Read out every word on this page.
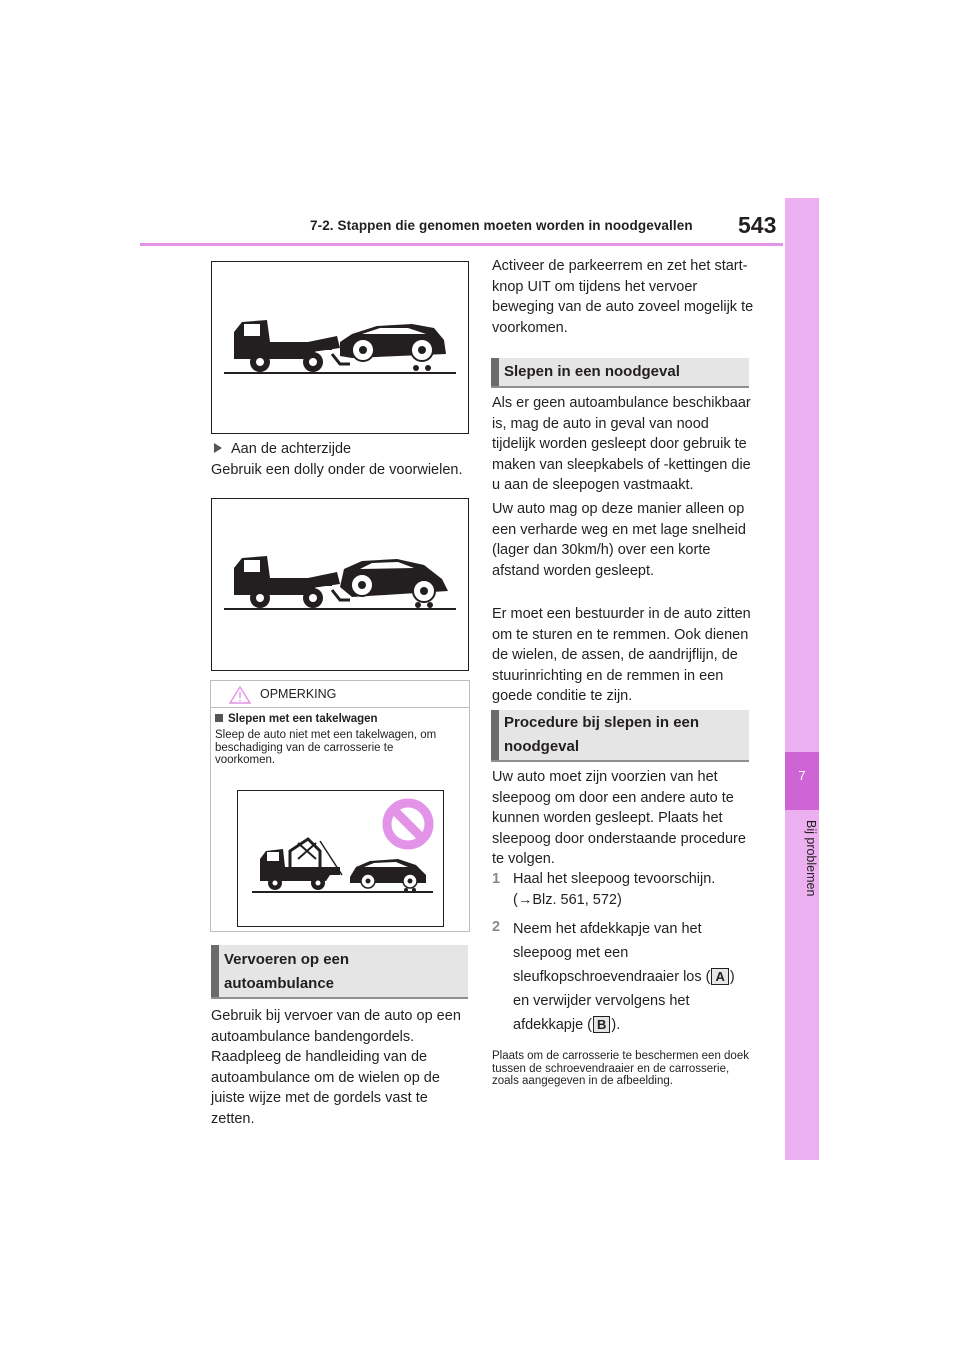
7-2. Stappen die genomen moeten worden in noodgevallen 543
7
Bij problemen
Aan de achterzijde
Gebruik een dolly onder de voorwielen.
OPMERKING
Slepen met een takelwagen
Sleep de auto niet met een takelwagen, om beschadiging van de carrosserie te voorkomen.
Vervoeren op een autoambulance
Gebruik bij vervoer van de auto op een autoambulance bandengordels. Raadpleeg de handleiding van de autoambulance om de wielen op de juiste wijze met de gordels vast te zetten.
Activeer de parkeerrem en zet het start-knop UIT om tijdens het vervoer beweging van de auto zoveel mogelijk te voorkomen.
Slepen in een noodgeval
Als er geen autoambulance beschikbaar is, mag de auto in geval van nood tijdelijk worden gesleept door gebruik te maken van sleepkabels of -kettingen die u aan de sleepogen vastmaakt.
Uw auto mag op deze manier alleen op een verharde weg en met lage snelheid (lager dan 30km/h) over een korte afstand worden gesleept.
Er moet een bestuurder in de auto zitten om te sturen en te remmen. Ook dienen de wielen, de assen, de aandrijflijn, de stuurinrichting en de remmen in een goede conditie te zijn.
Procedure bij slepen in een noodgeval
Uw auto moet zijn voorzien van het sleepoog om door een andere auto te kunnen worden gesleept. Plaats het sleepoog door onderstaande procedure te volgen.
1 Haal het sleepoog tevoorschijn.
(→Blz. 561, 572)
2 Neem het afdekkapje van het sleepoog met een sleufkopschroevendraaier los ( A ) en verwijder vervolgens het afdekkapje ( B ).
Plaats om de carrosserie te beschermen een doek tussen de schroevendraaier en de carrosserie, zoals aangegeven in de afbeelding.
